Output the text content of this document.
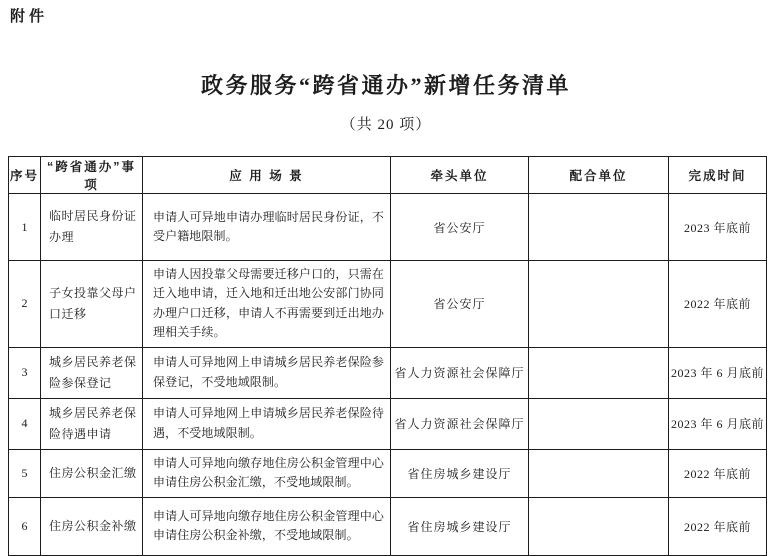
附件
政务服务“跨省通办”新增任务清单
（共 20 项）
序号	“跨省通办”事项	应 用 场 景	牵头单位	配合单位	完成时间
1	临时居民身份证办理	申请人可异地申请办理临时居民身份证，不受户籍地限制。	省公安厅		2023 年底前
2	子女投靠父母户口迁移	申请人因投靠父母需要迁移户口的，只需在迁入地申请，迁入地和迁出地公安部门协同办理户口迁移，申请人不再需要到迁出地办理相关手续。	省公安厅		2022 年底前
3	城乡居民养老保险参保登记	申请人可异地网上申请城乡居民养老保险参保登记，不受地域限制。	省人力资源社会保障厅		2023 年 6 月底前
4	城乡居民养老保险待遇申请	申请人可异地网上申请城乡居民养老保险待遇，不受地域限制。	省人力资源社会保障厅		2023 年 6 月底前
5	住房公积金汇缴	申请人可异地向缴存地住房公积金管理中心申请住房公积金汇缴，不受地域限制。	省住房城乡建设厅		2022 年底前
6	住房公积金补缴	申请人可异地向缴存地住房公积金管理中心申请住房公积金补缴，不受地域限制。	省住房城乡建设厅		2022 年底前
